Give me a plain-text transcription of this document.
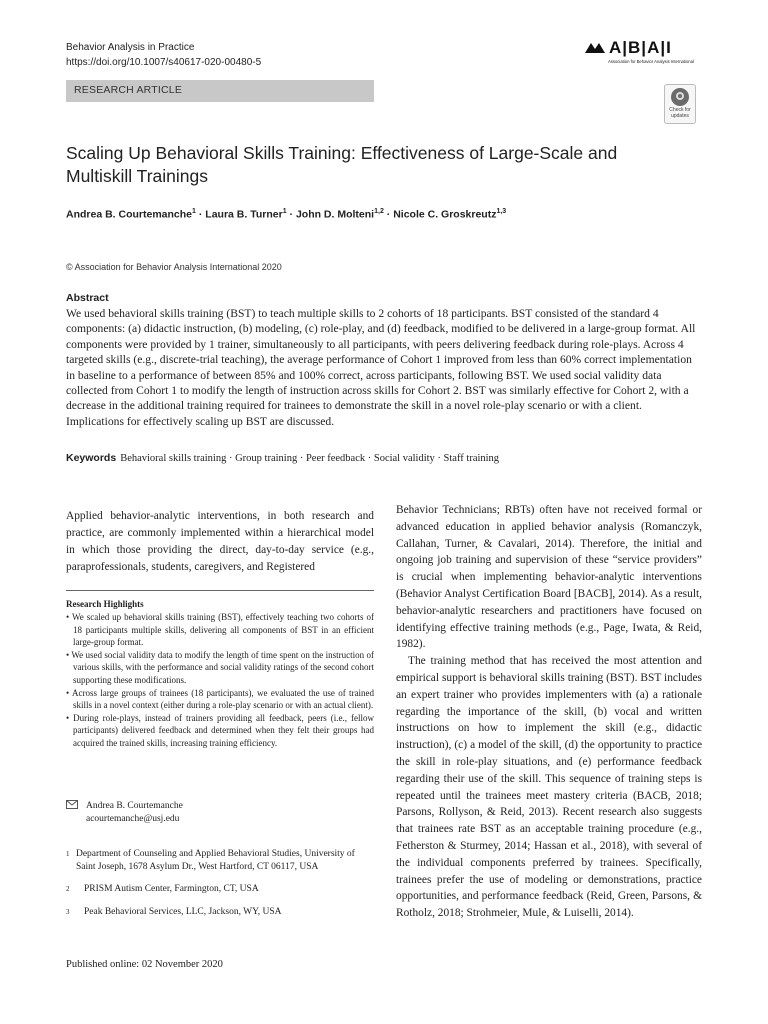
Behavior Analysis in Practice
https://doi.org/10.1007/s40617-020-00480-5
A|B|A|I
Association for Behavior Analysis International
RESEARCH ARTICLE
Check for
updates
Scaling Up Behavioral Skills Training: Effectiveness of Large-Scale and Multiskill Trainings
Andrea B. Courtemanche$^1$ · Laura B. Turner$^1$ · John D. Molteni$^{1,2}$ · Nicole C. Groskreutz$^{1,3}$
© Association for Behavior Analysis International 2020
Abstract
We used behavioral skills training (BST) to teach multiple skills to 2 cohorts of 18 participants. BST consisted of the standard 4 components: (a) didactic instruction, (b) modeling, (c) role-play, and (d) feedback, modified to be delivered in a large-group format. All components were provided by 1 trainer, simultaneously to all participants, with peers delivering feedback during role-plays. Across 4 targeted skills (e.g., discrete-trial teaching), the average performance of Cohort 1 improved from less than 60% correct implementation in baseline to a performance of between 85% and 100% correct, across participants, following BST. We used social validity data collected from Cohort 1 to modify the length of instruction across skills for Cohort 2. BST was similarly effective for Cohort 2, with a decrease in the additional training required for trainees to demonstrate the skill in a novel role-play scenario or with a client. Implications for effectively scaling up BST are discussed.
Keywords Behavioral skills training · Group training · Peer feedback · Social validity · Staff training
Applied behavior-analytic interventions, in both research and practice, are commonly implemented within a hierarchical model in which those providing the direct, day-to-day service (e.g., paraprofessionals, students, caregivers, and Registered
Research Highlights
• We scaled up behavioral skills training (BST), effectively teaching two cohorts of 18 participants multiple skills, delivering all components of BST in an efficient large-group format.
• We used social validity data to modify the length of time spent on the instruction of various skills, with the performance and social validity ratings of the second cohort supporting these modifications.
• Across large groups of trainees (18 participants), we evaluated the use of trained skills in a novel context (either during a role-play scenario or with an actual client).
• During role-plays, instead of trainers providing all feedback, peers (i.e., fellow participants) delivered feedback and determined when they felt their groups had acquired the trained skills, increasing training efficiency.
Andrea B. Courtemanche
acourtemanche@usj.edu
1 Department of Counseling and Applied Behavioral Studies, University of Saint Joseph, 1678 Asylum Dr., West Hartford, CT 06117, USA
2	PRISM Autism Center, Farmington, CT, USA
3	Peak Behavioral Services, LLC, Jackson, WY, USA
Published online: 02 November 2020

Behavior Technicians; RBTs) often have not received formal or advanced education in applied behavior analysis (Romanczyk, Callahan, Turner, & Cavalari, 2014). Therefore, the initial and ongoing job training and supervision of these “service providers” is crucial when implementing behavior-analytic interventions (Behavior Analyst Certification Board [BACB], 2014). As a result, behavior-analytic researchers and practitioners have focused on identifying effective training methods (e.g., Page, Iwata, & Reid, 1982).

The training method that has received the most attention and empirical support is behavioral skills training (BST). BST includes an expert trainer who provides implementers with (a) a rationale regarding the importance of the skill, (b) vocal and written instructions on how to implement the skill (e.g., didactic instruction), (c) a model of the skill, (d) the opportunity to practice the skill in role-play situations, and (e) performance feedback regarding their use of the skill. This sequence of training steps is repeated until the trainees meet mastery criteria (BACB, 2018; Parsons, Rollyson, & Reid, 2013). Recent research also suggests that trainees rate BST as an acceptable training procedure (e.g., Fetherston & Sturmey, 2014; Hassan et al., 2018), with several of the individual components preferred by trainees. Specifically, trainees prefer the use of modeling or demonstrations, practice opportunities, and performance feedback (Reid, Green, Parsons, & Rotholz, 2018; Strohmeier, Mule, & Luiselli, 2014).
